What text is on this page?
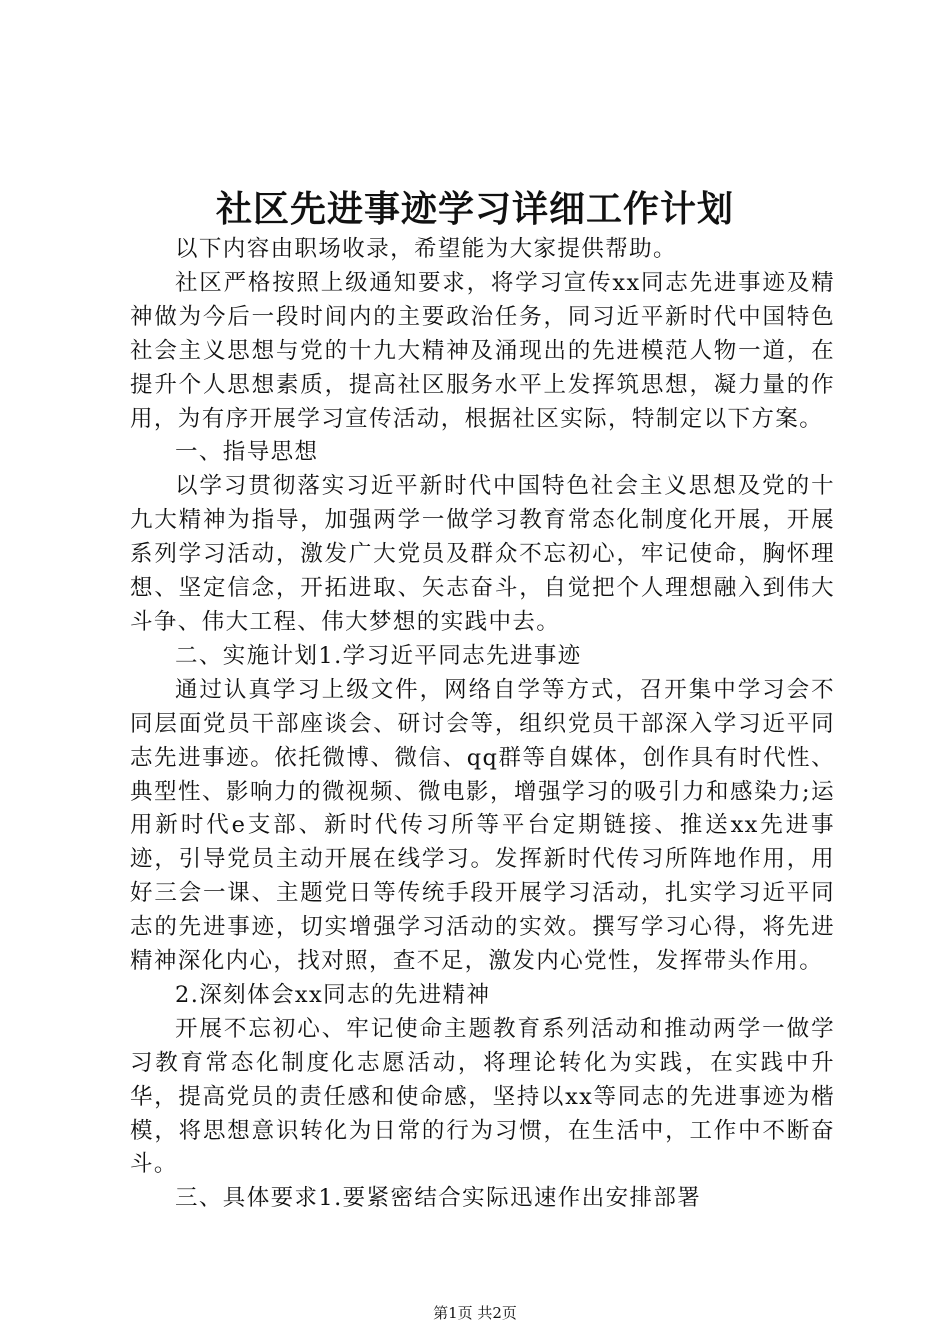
社区先进事迹学习详细工作计划

以下内容由职场收录，希望能为大家提供帮助。

社区严格按照上级通知要求，将学习宣传xx同志先进事迹及精神做为今后一段时间内的主要政治任务，同习近平新时代中国特色社会主义思想与党的十九大精神及涌现出的先进模范人物一道，在提升个人思想素质，提高社区服务水平上发挥筑思想，凝力量的作用，为有序开展学习宣传活动，根据社区实际，特制定以下方案。

一、指导思想

以学习贯彻落实习近平新时代中国特色社会主义思想及党的十九大精神为指导，加强两学一做学习教育常态化制度化开展，开展系列学习活动，激发广大党员及群众不忘初心，牢记使命，胸怀理想、坚定信念，开拓进取、矢志奋斗，自觉把个人理想融入到伟大斗争、伟大工程、伟大梦想的实践中去。

二、实施计划1.学习近平同志先进事迹

通过认真学习上级文件，网络自学等方式，召开集中学习会不同层面党员干部座谈会、研讨会等，组织党员干部深入学习近平同志先进事迹。依托微博、微信、qq群等自媒体，创作具有时代性、典型性、影响力的微视频、微电影，增强学习的吸引力和感染力;运用新时代e支部、新时代传习所等平台定期链接、推送xx先进事迹，引导党员主动开展在线学习。发挥新时代传习所阵地作用，用好三会一课、主题党日等传统手段开展学习活动，扎实学习近平同志的先进事迹，切实增强学习活动的实效。撰写学习心得，将先进精神深化内心，找对照，查不足，激发内心党性，发挥带头作用。

2.深刻体会xx同志的先进精神

开展不忘初心、牢记使命主题教育系列活动和推动两学一做学习教育常态化制度化志愿活动，将理论转化为实践，在实践中升华，提高党员的责任感和使命感，坚持以xx等同志的先进事迹为楷模，将思想意识转化为日常的行为习惯，在生活中，工作中不断奋斗。

三、具体要求1.要紧密结合实际迅速作出安排部署

第1页 共2页
